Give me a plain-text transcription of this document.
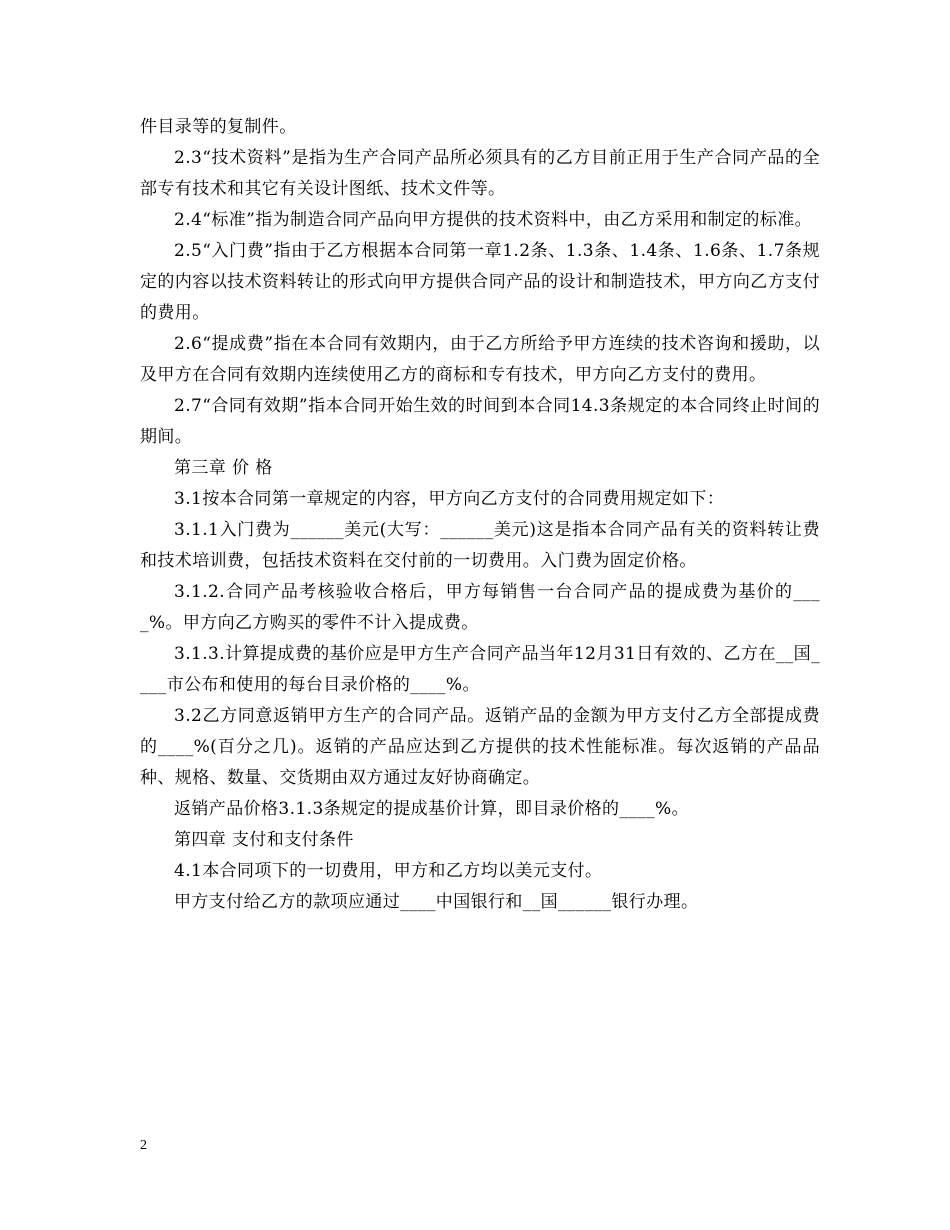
件目录等的复制件。

2.3“技术资料”是指为生产合同产品所必须具有的乙方目前正用于生产合同产品的全部专有技术和其它有关设计图纸、技术文件等。

2.4“标准”指为制造合同产品向甲方提供的技术资料中，由乙方采用和制定的标准。

2.5“入门费”指由于乙方根据本合同第一章1.2条、1.3条、1.4条、1.6条、1.7条规定的内容以技术资料转让的形式向甲方提供合同产品的设计和制造技术，甲方向乙方支付的费用。

2.6“提成费”指在本合同有效期内，由于乙方所给予甲方连续的技术咨询和援助，以及甲方在合同有效期内连续使用乙方的商标和专有技术，甲方向乙方支付的费用。

2.7“合同有效期”指本合同开始生效的时间到本合同14.3条规定的本合同终止时间的期间。

第三章 价 格

3.1按本合同第一章规定的内容，甲方向乙方支付的合同费用规定如下：

3.1.1入门费为______美元(大写：______美元)这是指本合同产品有关的资料转让费和技术培训费，包括技术资料在交付前的一切费用。入门费为固定价格。

3.1.2.合同产品考核验收合格后，甲方每销售一台合同产品的提成费为基价的____%。甲方向乙方购买的零件不计入提成费。

3.1.3.计算提成费的基价应是甲方生产合同产品当年12月31日有效的、乙方在__国____市公布和使用的每台目录价格的____%。

3.2乙方同意返销甲方生产的合同产品。返销产品的金额为甲方支付乙方全部提成费的____%(百分之几)。返销的产品应达到乙方提供的技术性能标准。每次返销的产品品种、规格、数量、交货期由双方通过友好协商确定。

返销产品价格3.1.3条规定的提成基价计算，即目录价格的____%。

第四章 支付和支付条件

4.1本合同项下的一切费用，甲方和乙方均以美元支付。

甲方支付给乙方的款项应通过____中国银行和__国______银行办理。

2
